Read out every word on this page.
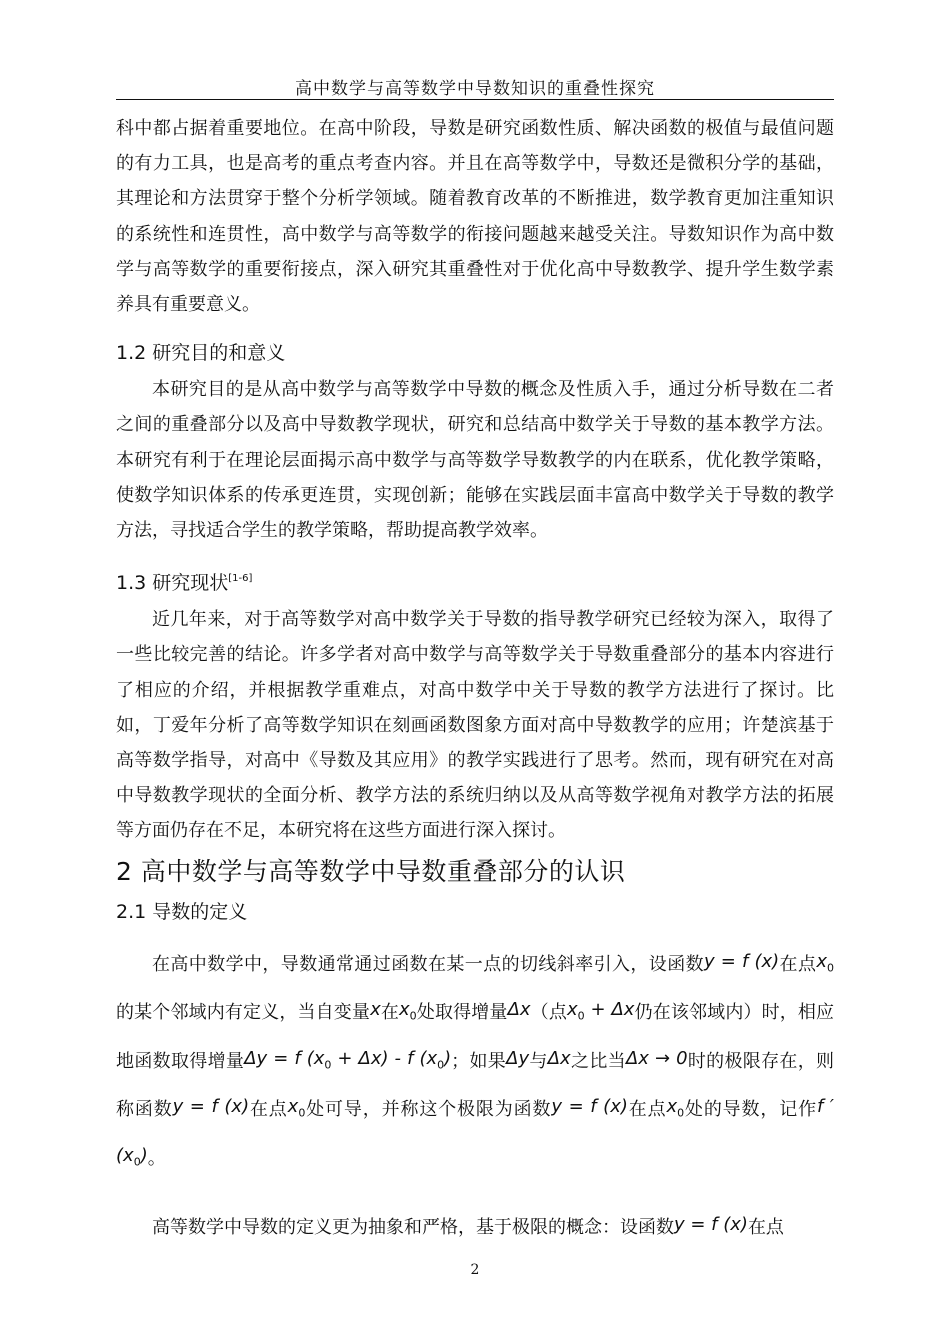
高中数学与高等数学中导数知识的重叠性探究

科中都占据着重要地位。在高中阶段，导数是研究函数性质、解决函数的极值与最值问题的有力工具，也是高考的重点考查内容。并且在高等数学中，导数还是微积分学的基础，其理论和方法贯穿于整个分析学领域。随着教育改革的不断推进，数学教育更加注重知识的系统性和连贯性，高中数学与高等数学的衔接问题越来越受关注。导数知识作为高中数学与高等数学的重要衔接点，深入研究其重叠性对于优化高中导数教学、提升学生数学素养具有重要意义。

1.2 研究目的和意义

本研究目的是从高中数学与高等数学中导数的概念及性质入手，通过分析导数在二者之间的重叠部分以及高中导数教学现状，研究和总结高中数学关于导数的基本教学方法。本研究有利于在理论层面揭示高中数学与高等数学导数教学的内在联系，优化教学策略，使数学知识体系的传承更连贯，实现创新；能够在实践层面丰富高中数学关于导数的教学方法，寻找适合学生的教学策略，帮助提高教学效率。

1.3 研究现状[1-6]

近几年来，对于高等数学对高中数学关于导数的指导教学研究已经较为深入，取得了一些比较完善的结论。许多学者对高中数学与高等数学关于导数重叠部分的基本内容进行了相应的介绍，并根据教学重难点，对高中数学中关于导数的教学方法进行了探讨。比如，丁爱年分析了高等数学知识在刻画函数图象方面对高中导数教学的应用；许楚滨基于高等数学指导，对高中《导数及其应用》的教学实践进行了思考。然而，现有研究在对高中导数教学现状的全面分析、教学方法的系统归纳以及从高等数学视角对教学方法的拓展等方面仍存在不足，本研究将在这些方面进行深入探讨。

2 高中数学与高等数学中导数重叠部分的认识
2.1 导数的定义

在高中数学中，导数通常通过函数在某一点的切线斜率引入，设函数y = f (x)在点$x_0$的某个邻域内有定义，当自变量x在$x_0$处取得增量Δx（点$x_0 + \Delta x$仍在该邻域内）时，相应地函数取得增量Δy = f $(x_0 + \Delta x) - f$ $(x_0)$；如果Δy与Δx之比当Δx → 0时的极限存在，则称函数y = f (x)在点$x_0$处可导，并称这个极限为函数y = f (x)在点$x_0$处的导数，记作f $'(x_0)$。

高等数学中导数的定义更为抽象和严格，基于极限的概念：设函数y = f (x)在点

2
